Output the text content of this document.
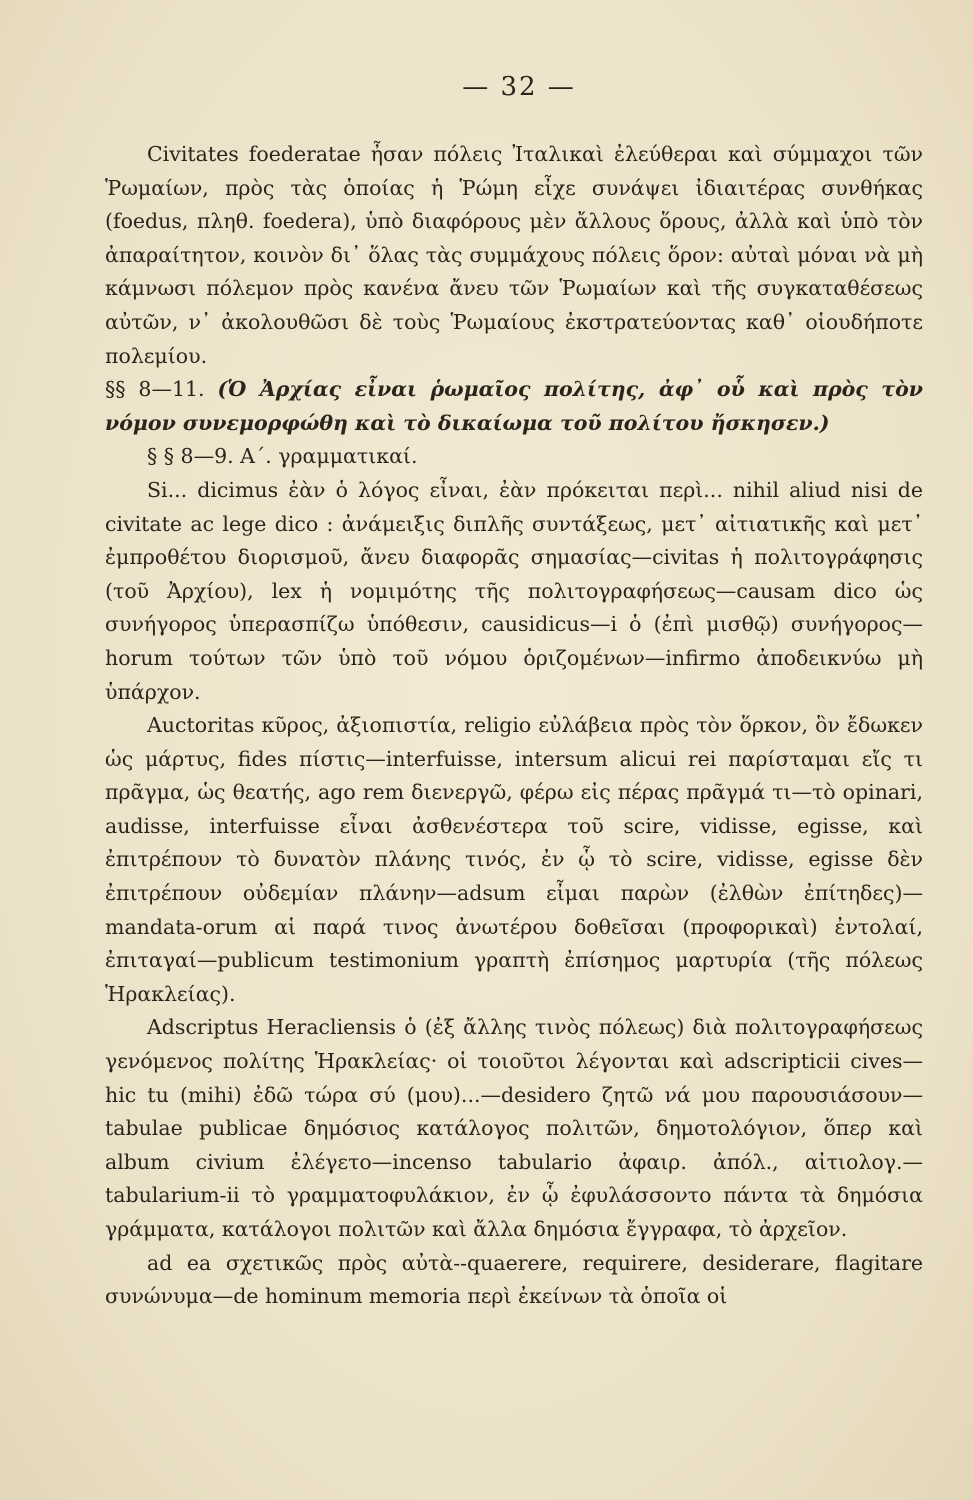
— 32 —

Civitates foederatae ἦσαν πόλεις Ἰταλικαὶ ἐλεύθεραι καὶ σύμμαχοι τῶν Ῥωμαίων, πρὸς τὰς ὁποίας ἡ Ῥώμη εἶχε συνάψει ἰδιαιτέρας συνθήκας (foedus, πληθ. foedera), ὑπὸ διαφόρους μὲν ἄλλους ὅρους, ἀλλὰ καὶ ὑπὸ τὸν ἀπαραίτητον, κοινὸν δι᾿ ὅλας τὰς συμμάχους πόλεις ὅρον: αὐταὶ μόναι νὰ μὴ κάμνωσι πόλεμον πρὸς κανένα ἄνευ τῶν Ῥωμαίων καὶ τῆς συγκαταθέσεως αὐτῶν, ν᾿ ἀκολουθῶσι δὲ τοὺς Ῥωμαίους ἐκστρατεύοντας καθ᾿ οἱουδήποτε πολεμίου.

§§ 8—11. (Ὁ Ἀρχίας εἶναι ῥωμαῖος πολίτης, ἀφ᾿ οὗ καὶ πρὸς τὸν νόμον συνεμορφώθη καὶ τὸ δικαίωμα τοῦ πολίτου ἤσκησεν.)

§ § 8—9. Α΄. γραμματικαί.

Si... dicimus ἐὰν ὁ λόγος εἶναι, ἐὰν πρόκειται περὶ... nihil aliud nisi de civitate ac lege dico : ἀνάμειξις διπλῆς συντάξεως, μετ᾿ αἰτιατικῆς καὶ μετ᾿ ἐμπροθέτου διορισμοῦ, ἄνευ διαφορᾶς σημασίας—civitas ἡ πολιτογράφησις (τοῦ Ἀρχίου), lex ἡ νομιμότης τῆς πολιτογραφήσεως—causam dico ὡς συνήγορος ὑπερασπίζω ὑπόθεσιν, causidicus—i ὁ (ἐπὶ μισθῷ) συνήγορος—horum τούτων τῶν ὑπὸ τοῦ νόμου ὁριζομένων—infirmo ἀποδεικνύω μὴ ὑπάρχον.

Auctoritas κῦρος, ἀξιοπιστία, religio εὐλάβεια πρὸς τὸν ὅρκον, ὃν ἔδωκεν ὡς μάρτυς, fides πίστις—interfuisse, intersum alicui rei παρίσταμαι εἴς τι πρᾶγμα, ὡς θεατής, ago rem διενεργῶ, φέρω εἰς πέρας πρᾶγμά τι—τὸ opinari, audisse, interfuisse εἶναι ἀσθενέστερα τοῦ scire, vidisse, egisse, καὶ ἐπιτρέπουν τὸ δυνατὸν πλάνης τινός, ἐν ᾧ τὸ scire, vidisse, egisse δὲν ἐπιτρέπουν οὐδεμίαν πλάνην—adsum εἶμαι παρὼν (ἐλθὼν ἐπίτηδες)—mandata-orum αἱ παρά τινος ἀνωτέρου δοθεῖσαι (προφορικαὶ) ἐντολαί, ἐπιταγαί—publicum testimonium γραπτὴ ἐπίσημος μαρτυρία (τῆς πόλεως Ἡρακλείας).

Adscriptus Heracliensis ὁ (ἐξ ἄλλης τινὸς πόλεως) διὰ πολιτογραφήσεως γενόμενος πολίτης Ἡρακλείας· οἱ τοιοῦτοι λέγονται καὶ adscripticii cives—hic tu (mihi) ἐδῶ τώρα σύ (μου)...—desidero ζητῶ νά μου παρουσιάσουν—tabulae publicae δημόσιος κατάλογος πολιτῶν, δημοτολόγιον, ὅπερ καὶ album civium ἐλέγετο—incenso tabulario ἀφαιρ. ἀπόλ., αἰτιολογ.—tabularium-ii τὸ γραμματοφυλάκιον, ἐν ᾧ ἐφυλάσσοντο πάντα τὰ δημόσια γράμματα, κατάλογοι πολιτῶν καὶ ἄλλα δημόσια ἔγγραφα, τὸ ἀρχεῖον.

ad ea σχετικῶς πρὸς αὐτὰ--quaerere, requirere, desiderare, flagitare συνώνυμα—de hominum memoria περὶ ἐκείνων τὰ ὁποῖα οἱ
